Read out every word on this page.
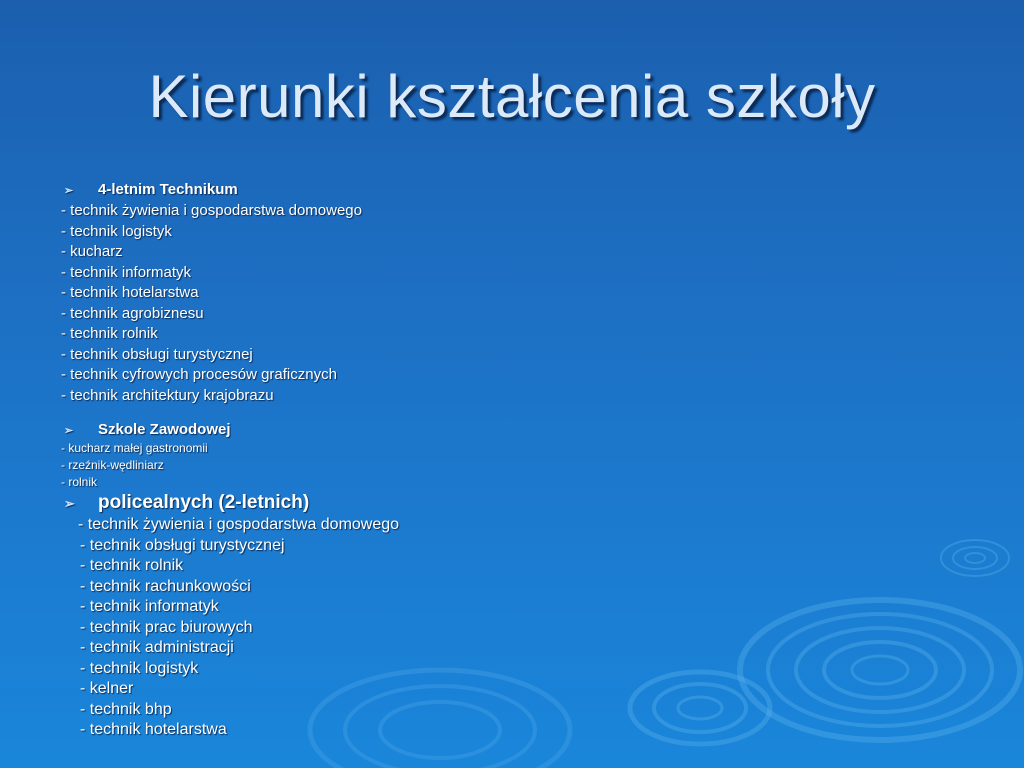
Kierunki kształcenia szkoły
➢ 4-letnim Technikum
- technik żywienia i gospodarstwa domowego
- technik logistyk
- kucharz
- technik informatyk
- technik hotelarstwa
- technik agrobiznesu
- technik rolnik
- technik obsługi turystycznej
- technik cyfrowych procesów graficznych
- technik architektury krajobrazu
➢ Szkole Zawodowej
- kucharz małej gastronomii
- rzeźnik-wędliniarz
- rolnik
➢ policealnych (2-letnich)
- technik żywienia i gospodarstwa domowego
- technik obsługi turystycznej
- technik rolnik
- technik rachunkowości
- technik informatyk
- technik prac biurowych
- technik administracji
- technik logistyk
- kelner
- technik bhp
- technik hotelarstwa
